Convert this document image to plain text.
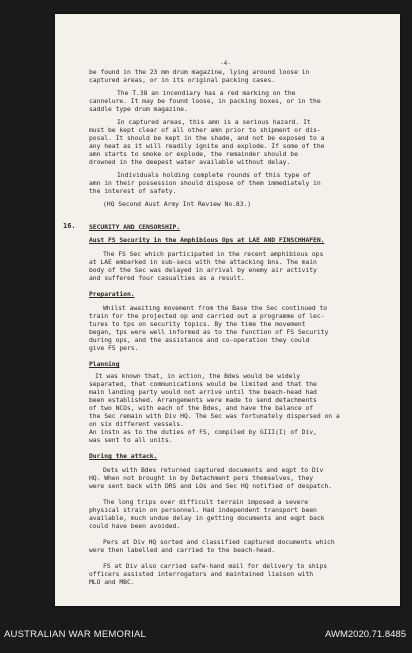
-4-
be found in the 23 mm drum magazine, lying around loose in
captured areas, or in its original packing cases.
The T.38 an incendiary has a red marking on the
cannelure. It may be found loose, in packing boxes, or in the
saddle type drum magazine.
In captured areas, this amn is a serious hazard. It
must be kept clear of all other amn prior to shipment or dis-
posal. It should be kept in the shade, and not be exposed to a
any heat as it will readily ignite and explode. If some of the
amn starts to smoke or explode, the remainder should be
drowned in the deepest water available without delay.
Individuals holding complete rounds of this type of
amn in their possession should dispose of them immediately in
the interest of safety.
(HQ Second Aust Army Int Review No.83.)
16. SECURITY AND CENSORSHIP.
Aust FS Security in the Amphibious Ops at LAE AND FINSCHHAFEN.
The FS Sec which participated in the recent amphibious ops
at LAE embarked in sub-secs with the attacking bns. The main
body of the Sec was delayed in arrival by enemy air activity
and suffered four casualties as a result.
Preparation.
Whilst awaiting movement from the Base the Sec continued to
train for the projected op and carried out a programme of lec-
tures to tps on security topics. By the time the movement
began, tps were well informed as to the function of FS Security
during ops, and the assistance and co-operation they could
give FS pers.
Planning
It was known that, in action, the Bdes would be widely
separated, that communications would be limited and that the
main landing party would not arrive until the beach-head had
been established. Arrangements were made to send detachments
of two NCOs, with each of the Bdes, and have the balance of
the Sec remain with Div HQ. The Sec was fortunately dispersed on a
on six different vessels.
An instn as to the duties of FS, compiled by GIII(I) of Div,
was sent to all units.
During the attack.
Dets with Bdes returned captured documents and eqpt to Div
HQ. When not brought in by Detachment pers themselves, they
were sent back with DRS and LOs and Sec HQ notified of despatch.
The long trips over difficult terrain imposed a severe
physical strain on personnel. Had independent transport been
available, much undue delay in getting documents and eqpt back
could have been avoided.
Pers at Div HQ sorted and classified captured documents which
were then labelled and carried to the beach-head.
FS at Div also carried safe-hand mail for delivery to ships
officers assisted interrogators and maintained liaison with
MLO and MBC.
AUSTRALIAN WAR MEMORIAL	AWM2020.71.8485
